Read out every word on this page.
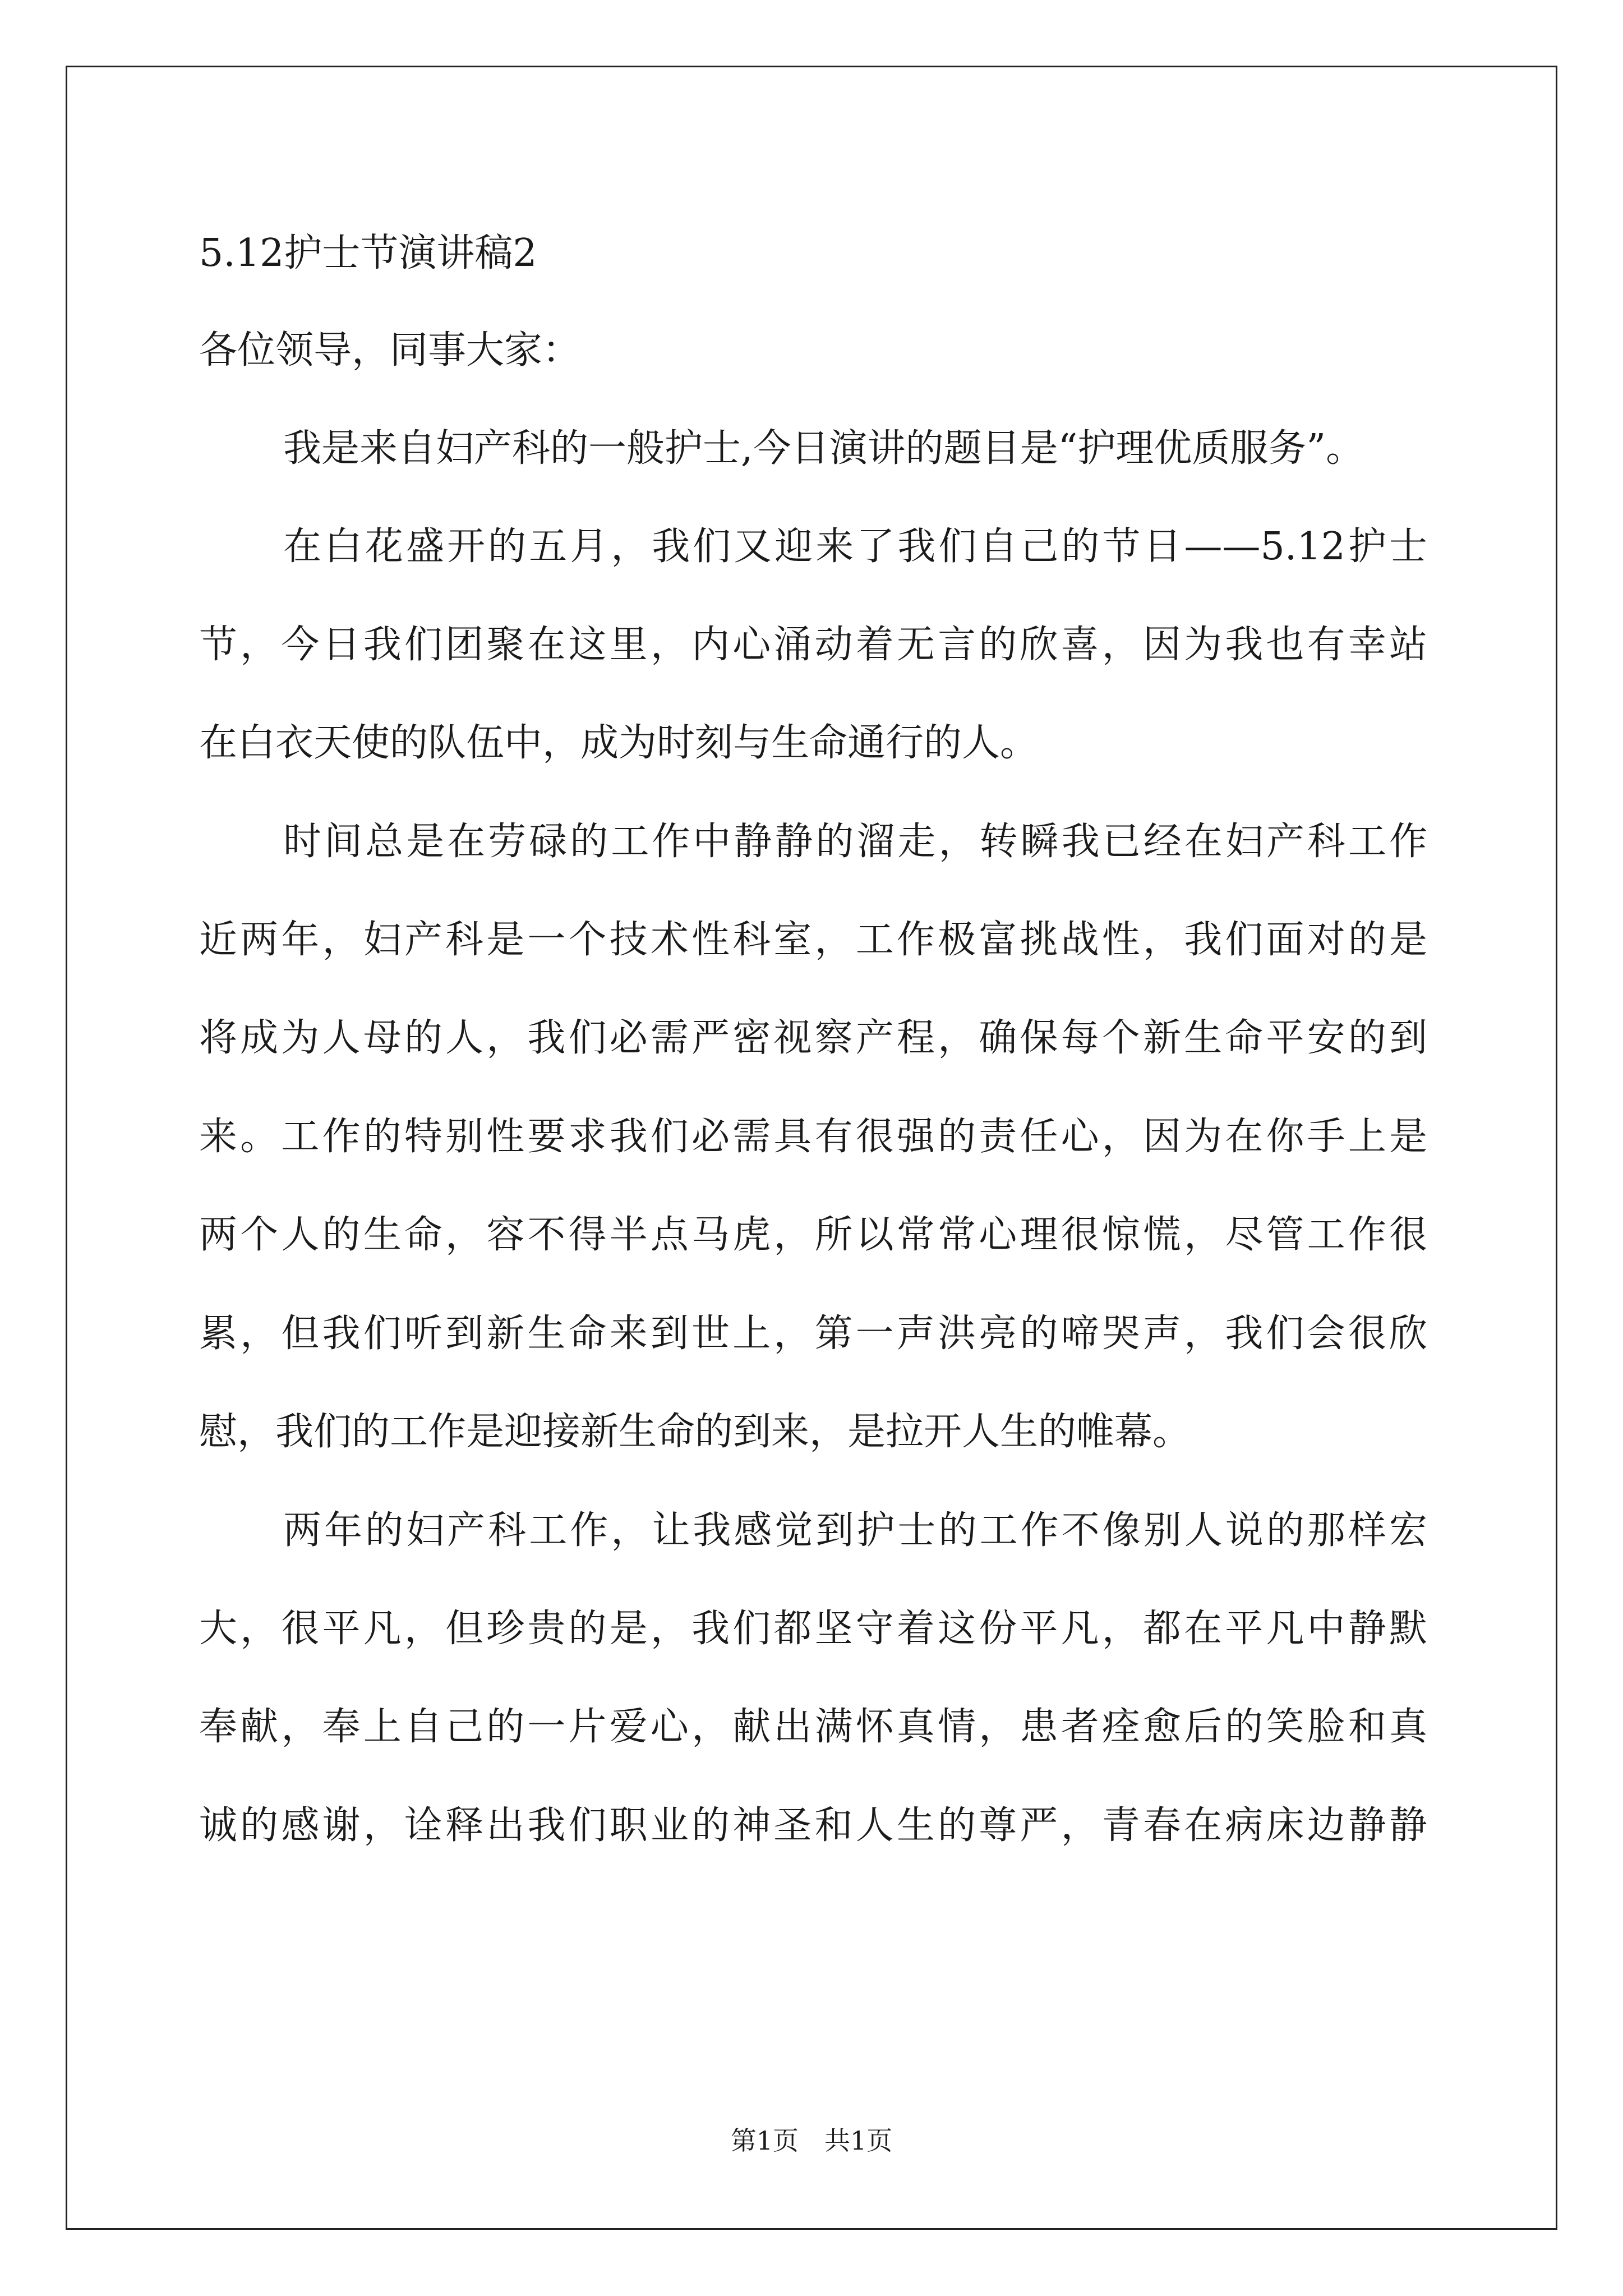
5.12护士节演讲稿2
各位领导，同事大家：
我是来自妇产科的一般护士,今日演讲的题目是“护理优质服务”。
在白花盛开的五月，我们又迎来了我们自己的节日——5.12护士
节，今日我们团聚在这里，内心涌动着无言的欣喜，因为我也有幸站
在白衣天使的队伍中，成为时刻与生命通行的人。
时间总是在劳碌的工作中静静的溜走，转瞬我已经在妇产科工作
近两年，妇产科是一个技术性科室，工作极富挑战性，我们面对的是
将成为人母的人，我们必需严密视察产程，确保每个新生命平安的到
来。工作的特别性要求我们必需具有很强的责任心，因为在你手上是
两个人的生命，容不得半点马虎，所以常常心理很惊慌，尽管工作很
累，但我们听到新生命来到世上，第一声洪亮的啼哭声，我们会很欣
慰，我们的工作是迎接新生命的到来，是拉开人生的帷幕。
两年的妇产科工作，让我感觉到护士的工作不像别人说的那样宏
大，很平凡，但珍贵的是，我们都坚守着这份平凡，都在平凡中静默
奉献，奉上自己的一片爱心，献出满怀真情，患者痊愈后的笑脸和真
诚的感谢，诠释出我们职业的神圣和人生的尊严，青春在病床边静静
第1页　共1页
